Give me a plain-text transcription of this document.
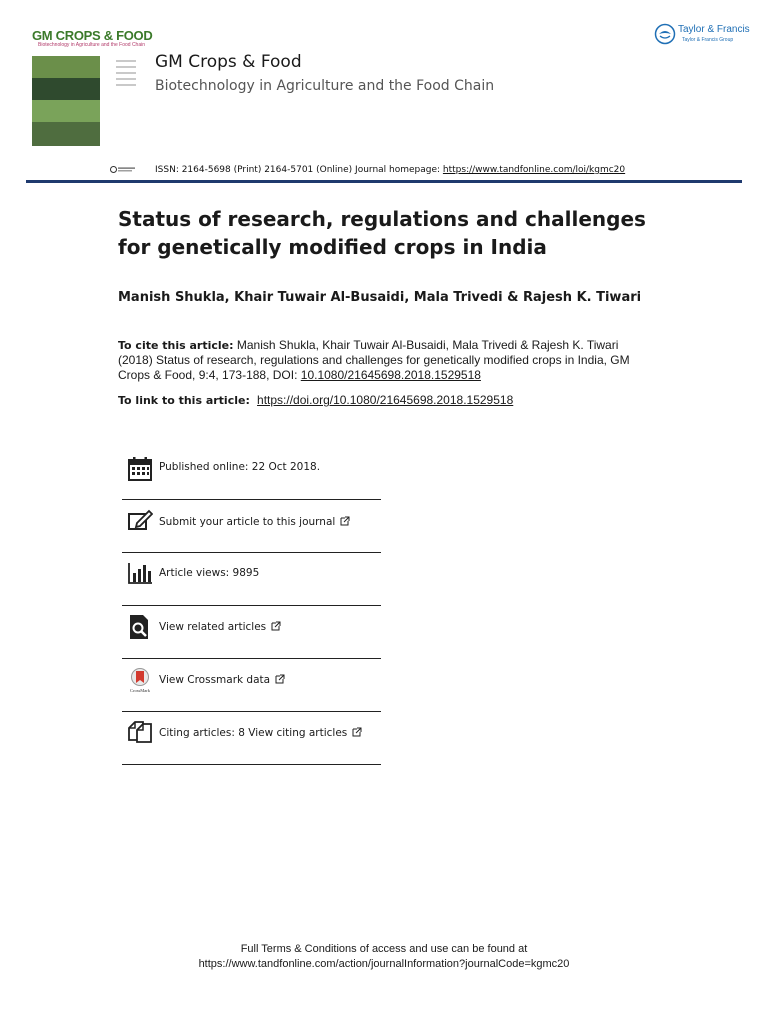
GM CROPS & FOOD
Biotechnology in Agriculture and the Food Chain
GM Crops & Food
Biotechnology in Agriculture and the Food Chain
Taylor & Francis
Taylor & Francis Group
ISSN: 2164-5698 (Print) 2164-5701 (Online) Journal homepage: https://www.tandfonline.com/loi/kgmc20
Status of research, regulations and challenges for genetically modified crops in India
Manish Shukla, Khair Tuwair Al-Busaidi, Mala Trivedi & Rajesh K. Tiwari
To cite this article: Manish Shukla, Khair Tuwair Al-Busaidi, Mala Trivedi & Rajesh K. Tiwari (2018) Status of research, regulations and challenges for genetically modified crops in India, GM Crops & Food, 9:4, 173-188, DOI: 10.1080/21645698.2018.1529518
To link to this article:  https://doi.org/10.1080/21645698.2018.1529518
Published online: 22 Oct 2018.
Submit your article to this journal
Article views: 9895
View related articles
CrossMark
View Crossmark data
Citing articles: 8 View citing articles
Full Terms & Conditions of access and use can be found at
https://www.tandfonline.com/action/journalInformation?journalCode=kgmc20
